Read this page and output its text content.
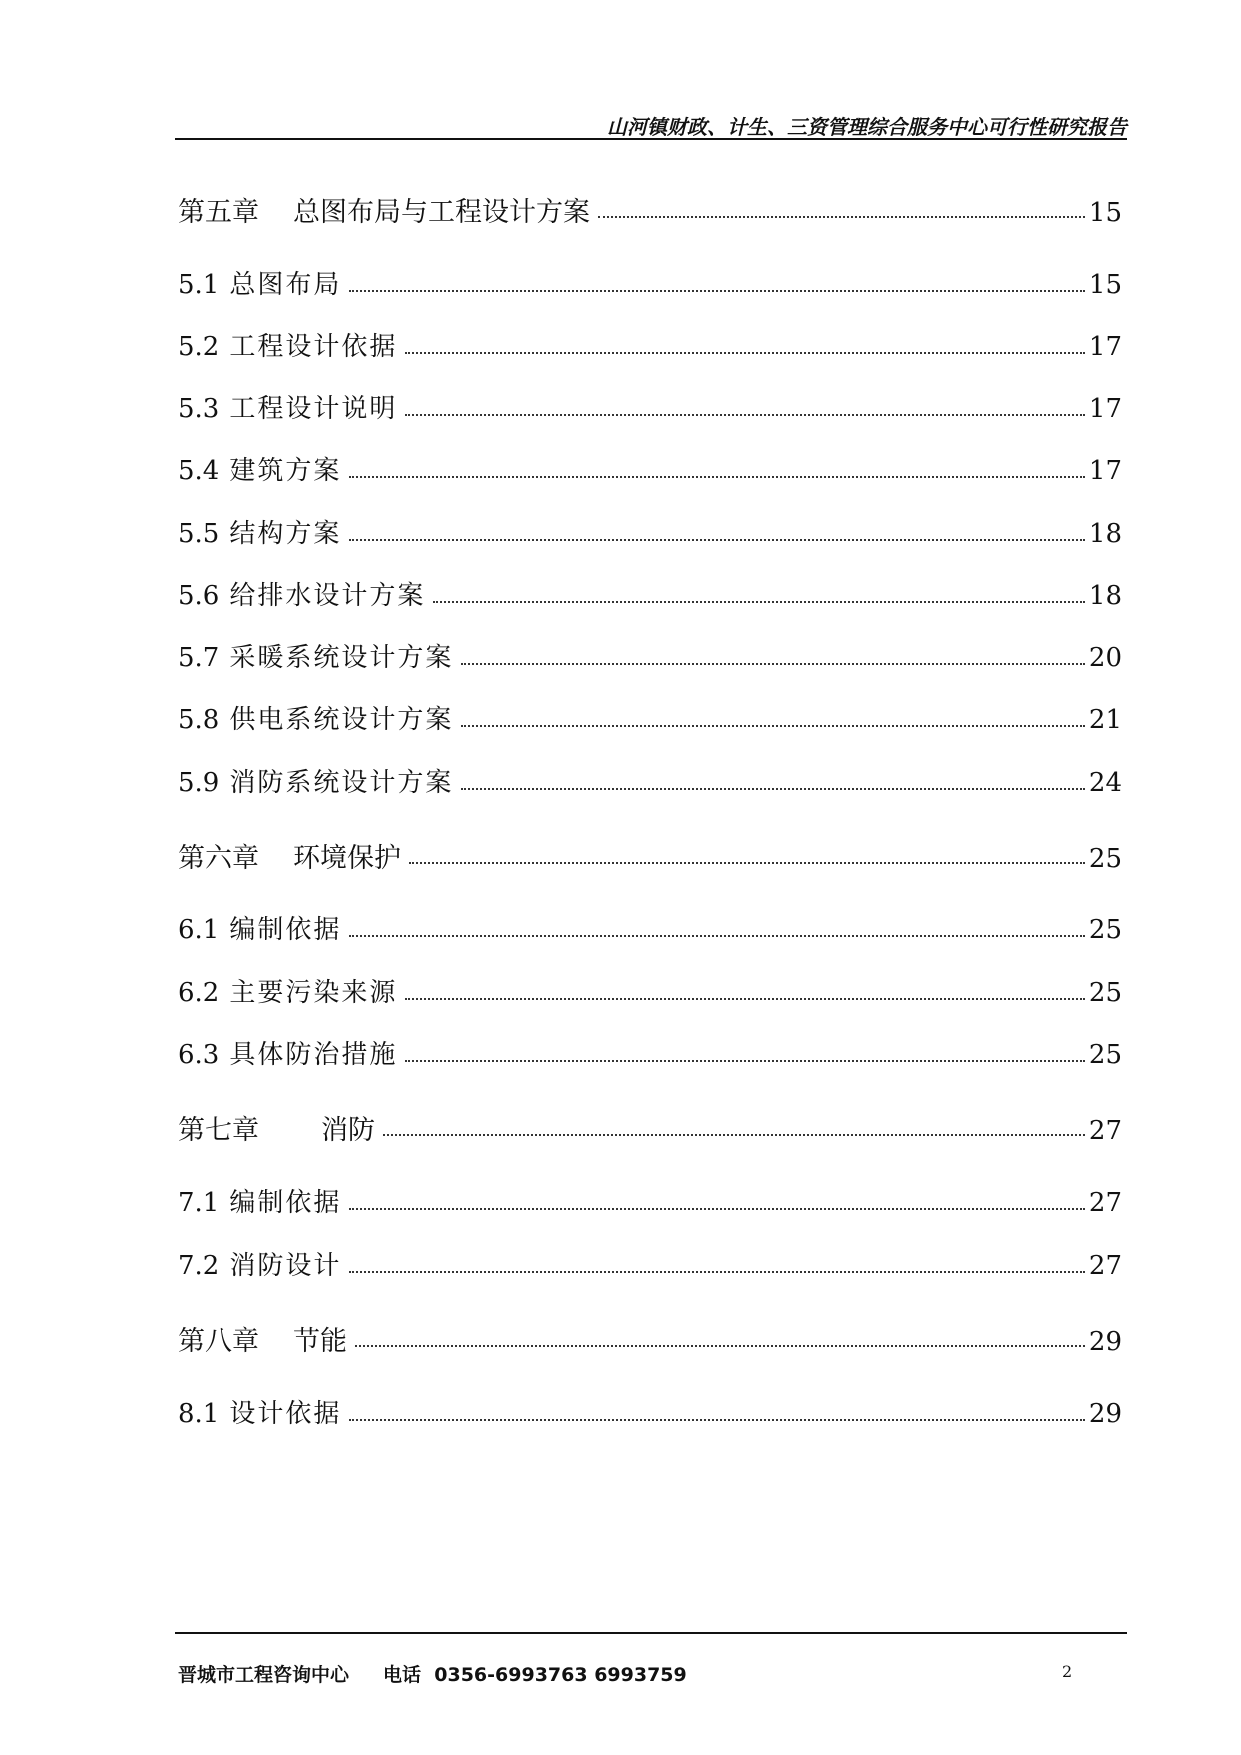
山河镇财政、计生、三资管理综合服务中心可行性研究报告
第五章 总图布局与工程设计方案	15
5.1 总图布局	15
5.2 工程设计依据	17
5.3 工程设计说明	17
5.4 建筑方案	17
5.5 结构方案	18
5.6 给排水设计方案	18
5.7 采暖系统设计方案	20
5.8 供电系统设计方案	21
5.9 消防系统设计方案	24
第六章 环境保护	25
6.1 编制依据	25
6.2 主要污染来源	25
6.3 具体防治措施	25
第七章 消防	27
7.1 编制依据	27
7.2 消防设计	27
第八章 节能	29
8.1 设计依据	29
晋城市工程咨询中心 电话 0356-6993763 6993759	2
